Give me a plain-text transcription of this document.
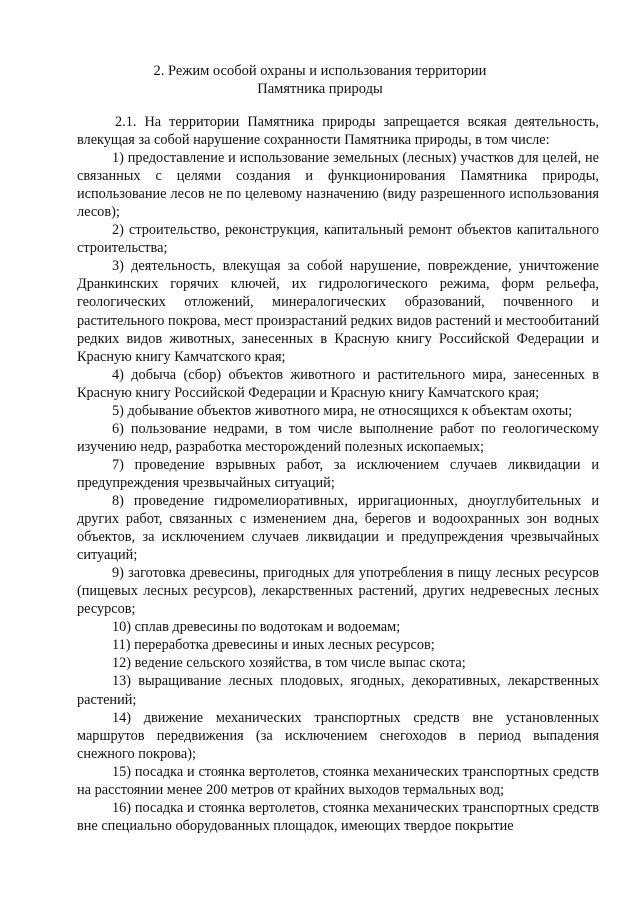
2. Режим особой охраны и использования территории
Памятника природы

2.1. На территории Памятника природы запрещается всякая деятельность, влекущая за собой нарушение сохранности Памятника природы, в том числе:

1) предоставление и использование земельных (лесных) участков для целей, не связанных с целями создания и функционирования Памятника природы, использование лесов не по целевому назначению (виду разрешенного использования лесов);

2) строительство, реконструкция, капитальный ремонт объектов капитального строительства;

3) деятельность, влекущая за собой нарушение, повреждение, уничтожение Дранкинских горячих ключей, их гидрологического режима, форм рельефа, геологических отложений, минералогических образований, почвенного и растительного покрова, мест произрастаний редких видов растений и местообитаний редких видов животных, занесенных в Красную книгу Российской Федерации и Красную книгу Камчатского края;

4) добыча (сбор) объектов животного и растительного мира, занесенных в Красную книгу Российской Федерации и Красную книгу Камчатского края;

5) добывание объектов животного мира, не относящихся к объектам охоты;

6) пользование недрами, в том числе выполнение работ по геологическому изучению недр, разработка месторождений полезных ископаемых;

7) проведение взрывных работ, за исключением случаев ликвидации и предупреждения чрезвычайных ситуаций;

8) проведение гидромелиоративных, ирригационных, дноуглубительных и других работ, связанных с изменением дна, берегов и водоохранных зон водных объектов, за исключением случаев ликвидации и предупреждения чрезвычайных ситуаций;

9) заготовка древесины, пригодных для употребления в пищу лесных ресурсов (пищевых лесных ресурсов), лекарственных растений, других недревесных лесных ресурсов;

10) сплав древесины по водотокам и водоемам;

11) переработка древесины и иных лесных ресурсов;

12) ведение сельского хозяйства, в том числе выпас скота;

13) выращивание лесных плодовых, ягодных, декоративных, лекарственных растений;

14) движение механических транспортных средств вне установленных маршрутов передвижения (за исключением снегоходов в период выпадения снежного покрова);

15) посадка и стоянка вертолетов, стоянка механических транспортных средств на расстоянии менее 200 метров от крайних выходов термальных вод;

16) посадка и стоянка вертолетов, стоянка механических транспортных средств вне специально оборудованных площадок, имеющих твердое покрытие
